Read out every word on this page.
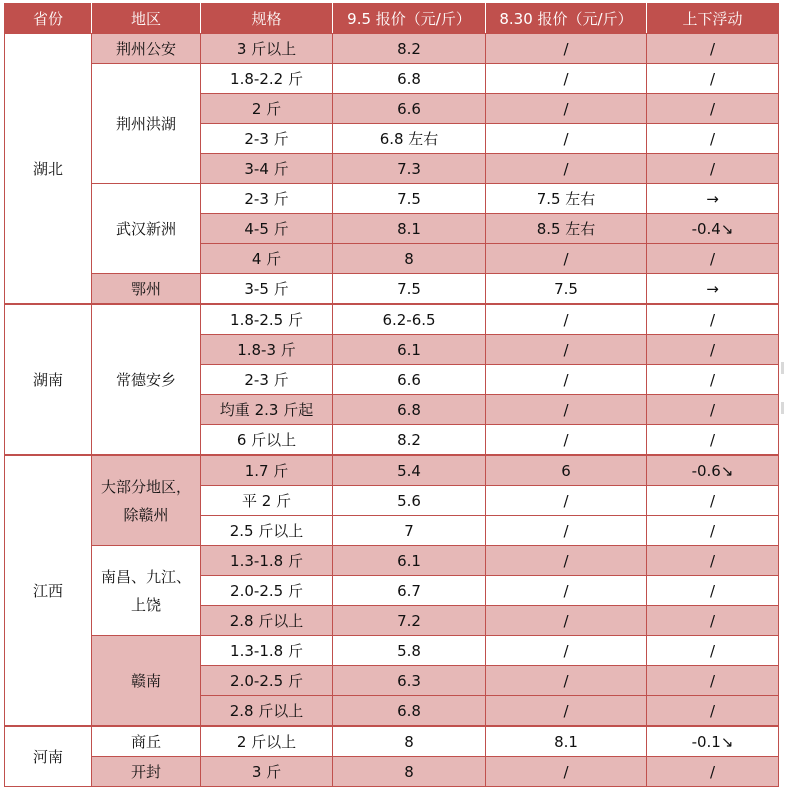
省份	地区	规格	9.5 报价（元/斤）	8.30 报价（元/斤）	上下浮动
湖北	荆州公安	3 斤以上	8.2	/	/
	荆州洪湖	1.8-2.2 斤	6.8	/	/
		2 斤	6.6	/	/
		2-3 斤	6.8 左右	/	/
		3-4 斤	7.3	/	/
	武汉新洲	2-3 斤	7.5	7.5 左右	→
		4-5 斤	8.1	8.5 左右	-0.4↘
		4 斤	8	/	/
	鄂州	3-5 斤	7.5	7.5	→
湖南	常德安乡	1.8-2.5 斤	6.2-6.5	/	/
		1.8-3 斤	6.1	/	/
		2-3 斤	6.6	/	/
		均重 2.3 斤起	6.8	/	/
		6 斤以上	8.2	/	/
江西	大部分地区，除赣州	1.7 斤	5.4	6	-0.6↘
		平 2 斤	5.6	/	/
		2.5 斤以上	7	/	/
	南昌、九江、上饶	1.3-1.8 斤	6.1	/	/
		2.0-2.5 斤	6.7	/	/
		2.8 斤以上	7.2	/	/
	赣南	1.3-1.8 斤	5.8	/	/
		2.0-2.5 斤	6.3	/	/
		2.8 斤以上	6.8	/	/
河南	商丘	2 斤以上	8	8.1	-0.1↘
	开封	3 斤	8	/	/
